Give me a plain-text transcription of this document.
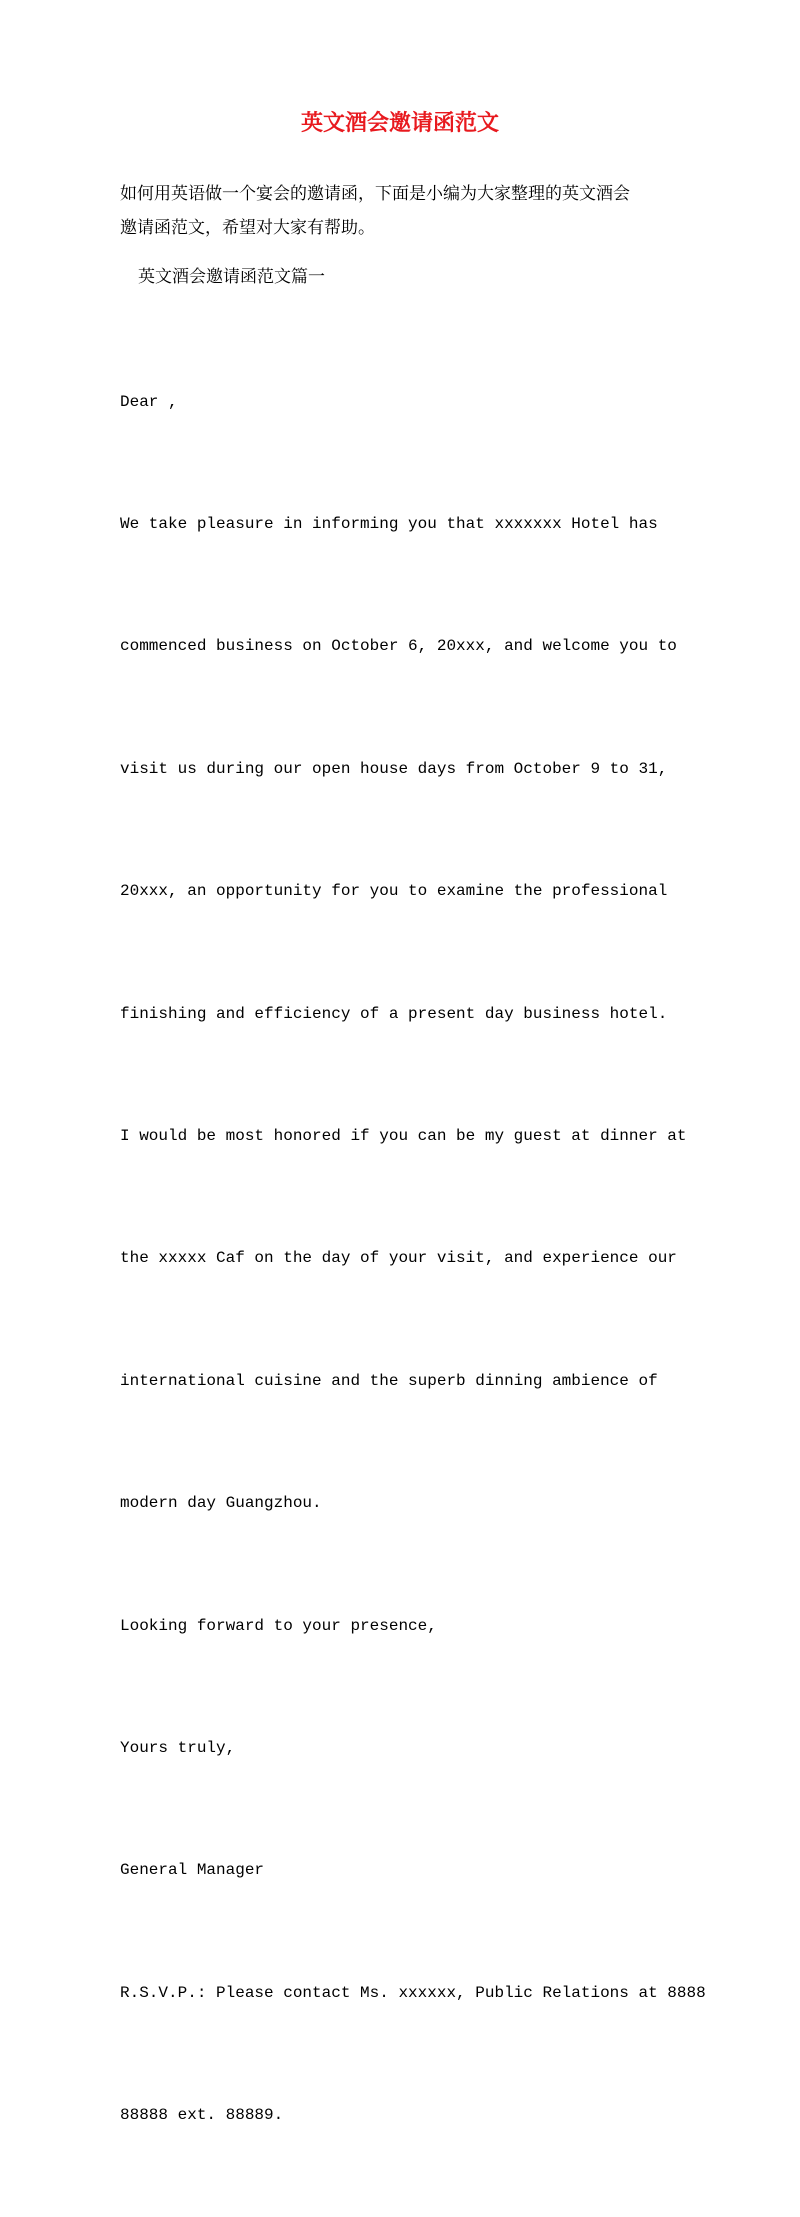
英文酒会邀请函范文
如何用英语做一个宴会的邀请函，下面是小编为大家整理的英文酒会
邀请函范文，希望对大家有帮助。
英文酒会邀请函范文篇一

Dear ,

We take pleasure in informing you that xxxxxxx Hotel has

commenced business on October 6, 20xxx, and welcome you to

visit us during our open house days from October 9 to 31,

20xxx, an opportunity for you to examine the professional

finishing and efficiency of a present day business hotel.

I would be most honored if you can be my guest at dinner at

the xxxxx Caf on the day of your visit, and experience our

international cuisine and the superb dinning ambience of

modern day Guangzhou.

Looking forward to your presence,

Yours truly,

General Manager

R.S.V.P.: Please contact Ms. xxxxxx, Public Relations at 8888

88888 ext. 88889.
